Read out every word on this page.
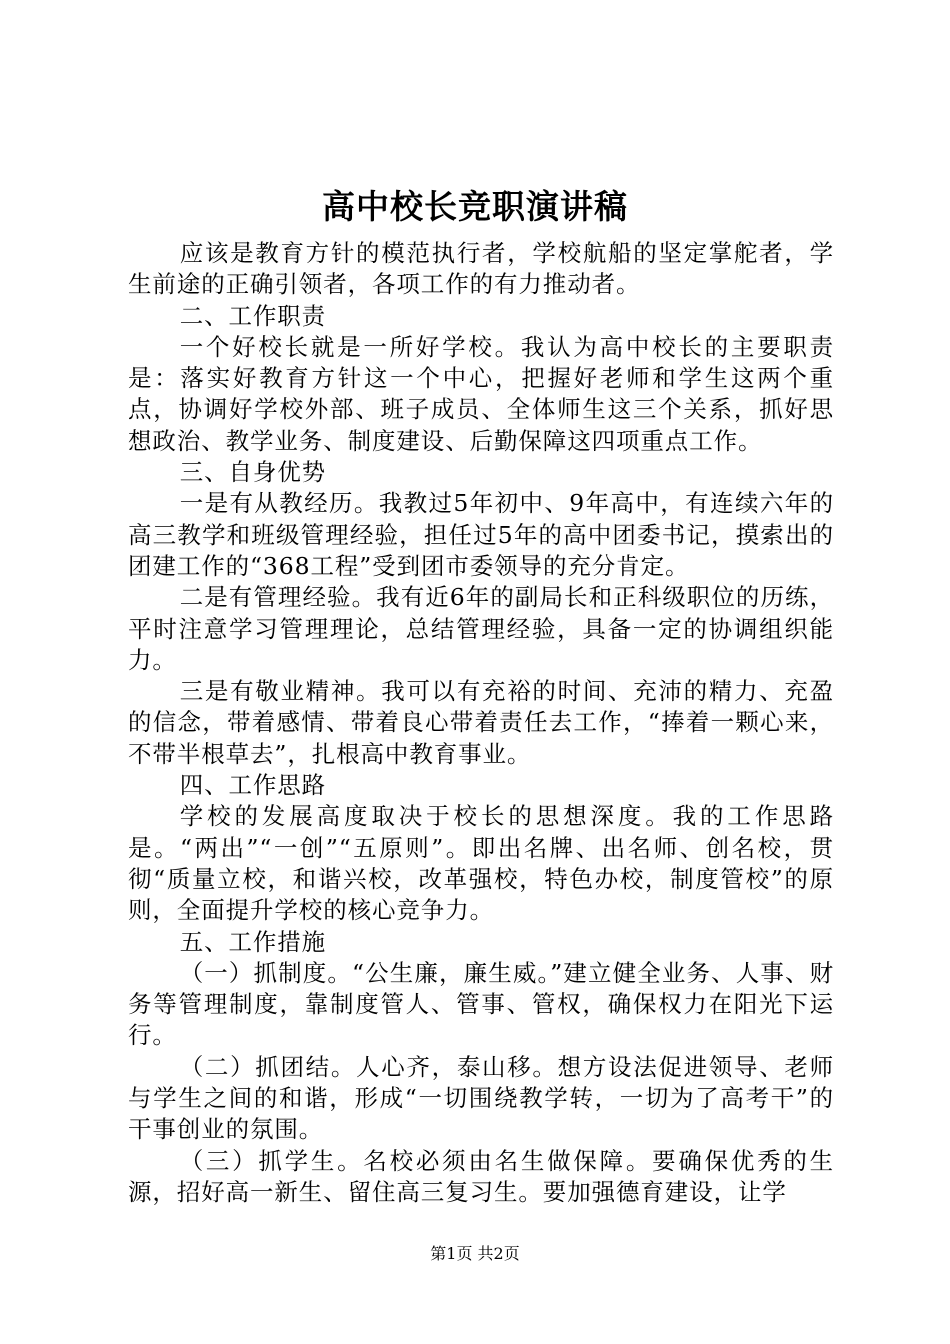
高中校长竞职演讲稿

应该是教育方针的模范执行者，学校航船的坚定掌舵者，学生前途的正确引领者，各项工作的有力推动者。

二、工作职责

一个好校长就是一所好学校。我认为高中校长的主要职责是：落实好教育方针这一个中心，把握好老师和学生这两个重点，协调好学校外部、班子成员、全体师生这三个关系，抓好思想政治、教学业务、制度建设、后勤保障这四项重点工作。

三、自身优势

一是有从教经历。我教过5年初中、9年高中，有连续六年的高三教学和班级管理经验，担任过5年的高中团委书记，摸索出的团建工作的“368工程”受到团市委领导的充分肯定。

二是有管理经验。我有近6年的副局长和正科级职位的历练，平时注意学习管理理论，总结管理经验，具备一定的协调组织能力。

三是有敬业精神。我可以有充裕的时间、充沛的精力、充盈的信念，带着感情、带着良心带着责任去工作，“捧着一颗心来，不带半根草去”，扎根高中教育事业。

四、工作思路

学校的发展高度取决于校长的思想深度。我的工作思路是。“两出”“一创”“五原则”。即出名牌、出名师、创名校，贯彻“质量立校，和谐兴校，改革强校，特色办校，制度管校”的原则，全面提升学校的核心竞争力。

五、工作措施

（一）抓制度。“公生廉，廉生威。”建立健全业务、人事、财务等管理制度，靠制度管人、管事、管权，确保权力在阳光下运行。

（二）抓团结。人心齐，泰山移。想方设法促进领导、老师与学生之间的和谐，形成“一切围绕教学转，一切为了高考干”的干事创业的氛围。

（三）抓学生。名校必须由名生做保障。要确保优秀的生源，招好高一新生、留住高三复习生。要加强德育建设，让学

第1页 共2页
